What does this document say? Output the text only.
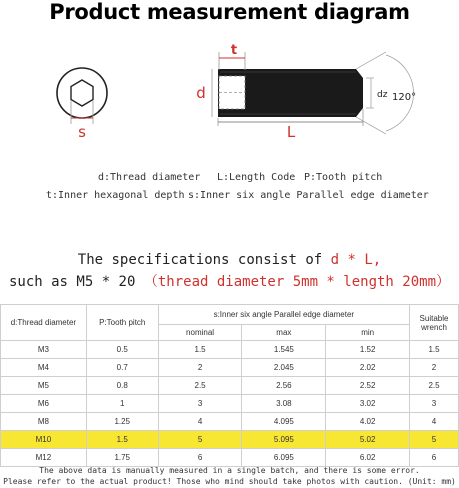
Product measurement diagram
t
s
d	dz
L
120°
d:Thread diameter L:Length Code P:Tooth pitch
t:Inner hexagonal depth s:Inner six angle Parallel edge diameter
The specifications consist of d * L,
such as M5 * 20 （thread diameter 5mm * length 20mm）
d:Thread diameter	P:Tooth pitch	s:Inner six angle Parallel edge diameter			Suitable wrench
		nominal	max	min	
M3	0.5	1.5	1.545	1.52	1.5
M4	0.7	2	2.045	2.02	2
M5	0.8	2.5	2.56	2.52	2.5
M6	1	3	3.08	3.02	3
M8	1.25	4	4.095	4.02	4
M10	1.5	5	5.095	5.02	5
M12	1.75	6	6.095	6.02	6
The above data is manually measured in a single batch, and there is some error.
Please refer to the actual product! Those who mind should take photos with caution. (Unit: mm)
